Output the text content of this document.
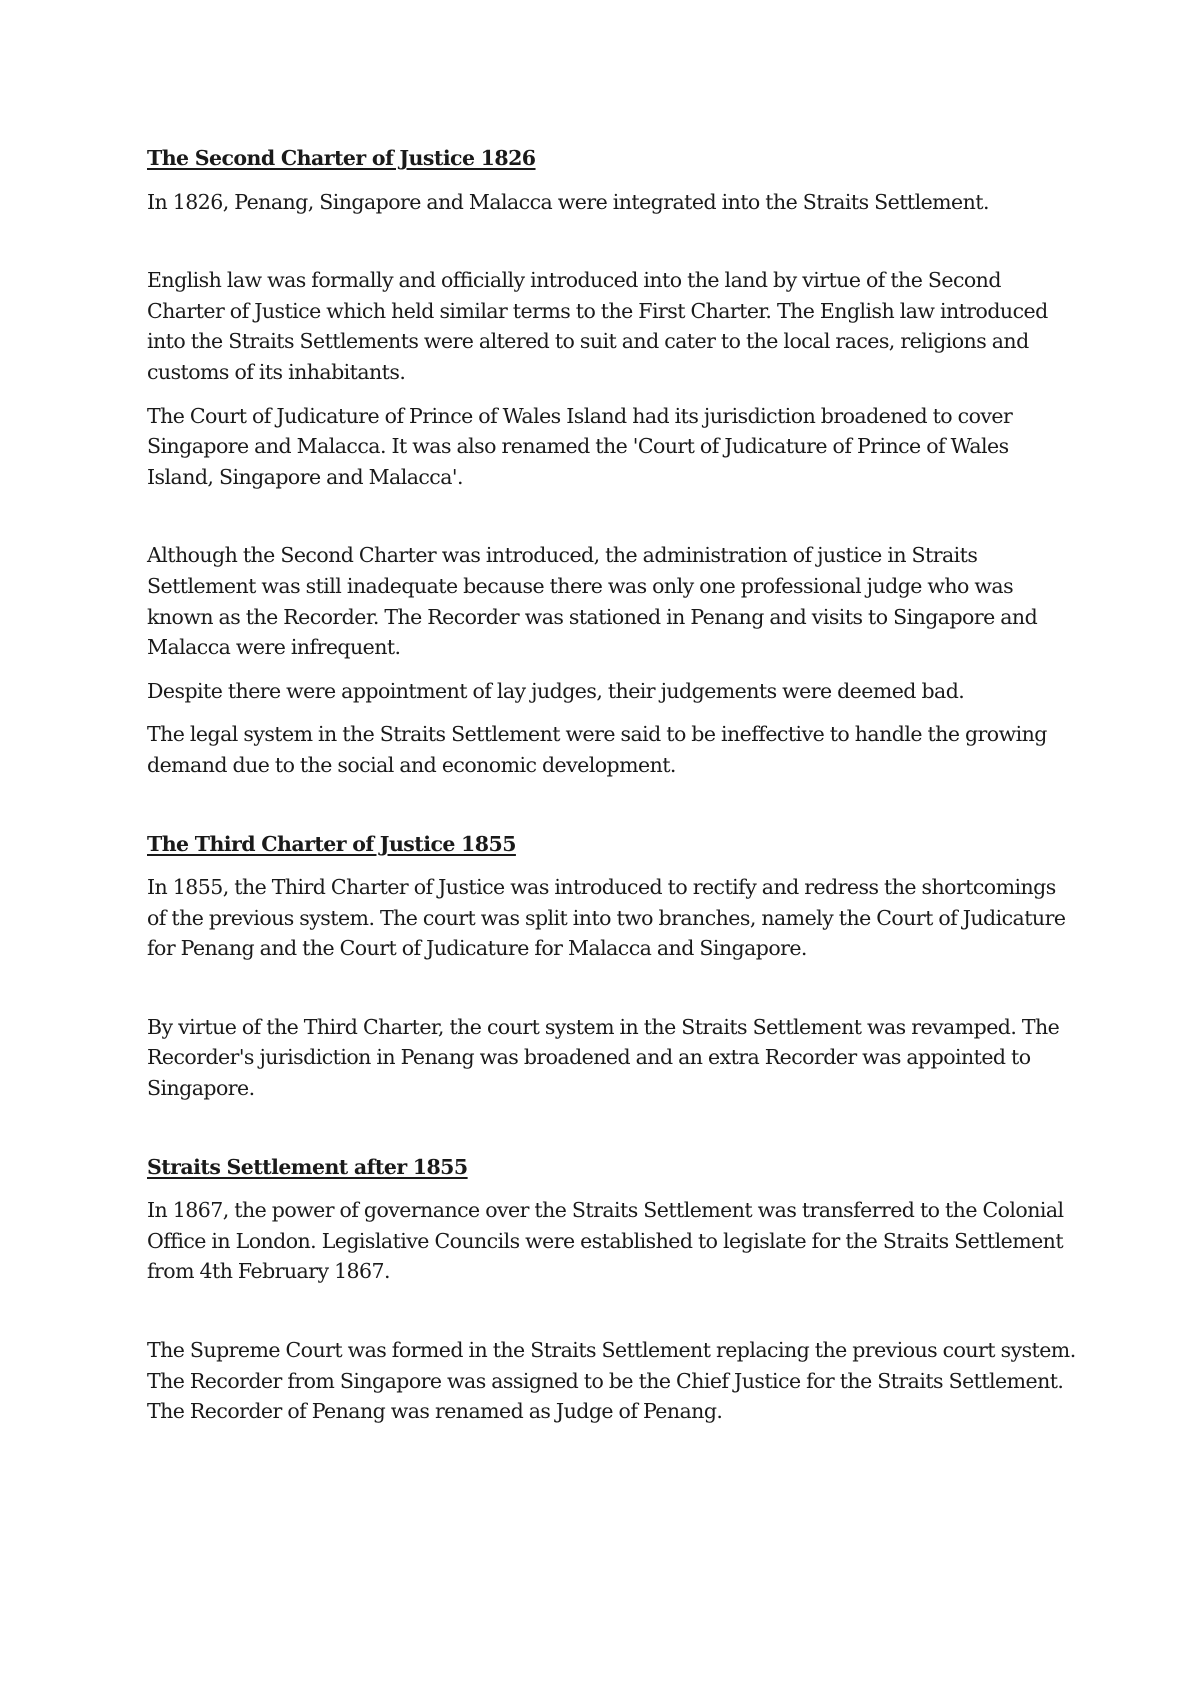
The Second Charter of Justice 1826
In 1826, Penang, Singapore and Malacca were integrated into the Straits Settlement.
English law was formally and officially introduced into the land by virtue of the Second Charter of Justice which held similar terms to the First Charter. The English law introduced into the Straits Settlements were altered to suit and cater to the local races, religions and customs of its inhabitants.
The Court of Judicature of Prince of Wales Island had its jurisdiction broadened to cover Singapore and Malacca. It was also renamed the 'Court of Judicature of Prince of Wales Island, Singapore and Malacca'.
Although the Second Charter was introduced, the administration of justice in Straits Settlement was still inadequate because there was only one professional judge who was known as the Recorder. The Recorder was stationed in Penang and visits to Singapore and Malacca were infrequent.
Despite there were appointment of lay judges, their judgements were deemed bad.
The legal system in the Straits Settlement were said to be ineffective to handle the growing demand due to the social and economic development.
The Third Charter of Justice 1855
In 1855, the Third Charter of Justice was introduced to rectify and redress the shortcomings of the previous system. The court was split into two branches, namely the Court of Judicature for Penang and the Court of Judicature for Malacca and Singapore.
By virtue of the Third Charter, the court system in the Straits Settlement was revamped. The Recorder's jurisdiction in Penang was broadened and an extra Recorder was appointed to Singapore.
Straits Settlement after 1855
In 1867, the power of governance over the Straits Settlement was transferred to the Colonial Office in London. Legislative Councils were established to legislate for the Straits Settlement from 4th February 1867.
The Supreme Court was formed in the Straits Settlement replacing the previous court system. The Recorder from Singapore was assigned to be the Chief Justice for the Straits Settlement. The Recorder of Penang was renamed as Judge of Penang.
